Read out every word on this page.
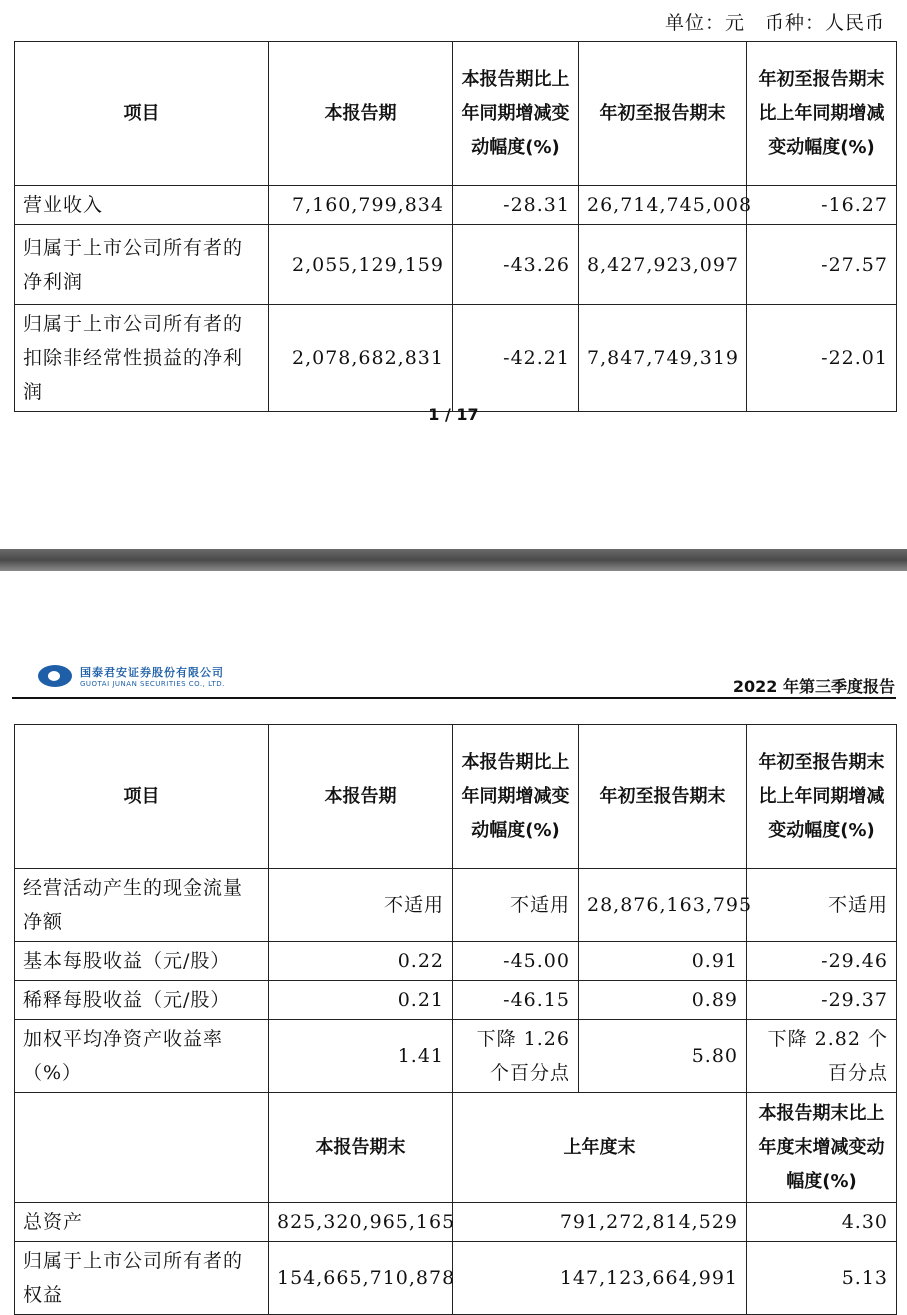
单位：元　币种：人民币
项目	本报告期	本报告期比上年同期增减变动幅度(%)	年初至报告期末	年初至报告期末比上年同期增减变动幅度(%)
营业收入	7,160,799,834	-28.31	26,714,745,008	-16.27
归属于上市公司所有者的净利润	2,055,129,159	-43.26	8,427,923,097	-27.57
归属于上市公司所有者的扣除非经常性损益的净利润	2,078,682,831	-42.21	7,847,749,319	-22.01
1 / 17
国泰君安证券股份有限公司
GUOTAI JUNAN SECURITIES CO., LTD.	2022 年第三季度报告
项目	本报告期	本报告期比上年同期增减变动幅度(%)	年初至报告期末	年初至报告期末比上年同期增减变动幅度(%)
经营活动产生的现金流量净额	不适用	不适用	28,876,163,795	不适用
基本每股收益（元/股）	0.22	-45.00	0.91	-29.46
稀释每股收益（元/股）	0.21	-46.15	0.89	-29.37
加权平均净资产收益率（%）	1.41	下降 1.26 个百分点	5.80	下降 2.82 个百分点
	本报告期末	上年度末		本报告期末比上年度末增减变动幅度(%)
总资产	825,320,965,165	791,272,814,529		4.30
归属于上市公司所有者的权益	154,665,710,878	147,123,664,991		5.13
